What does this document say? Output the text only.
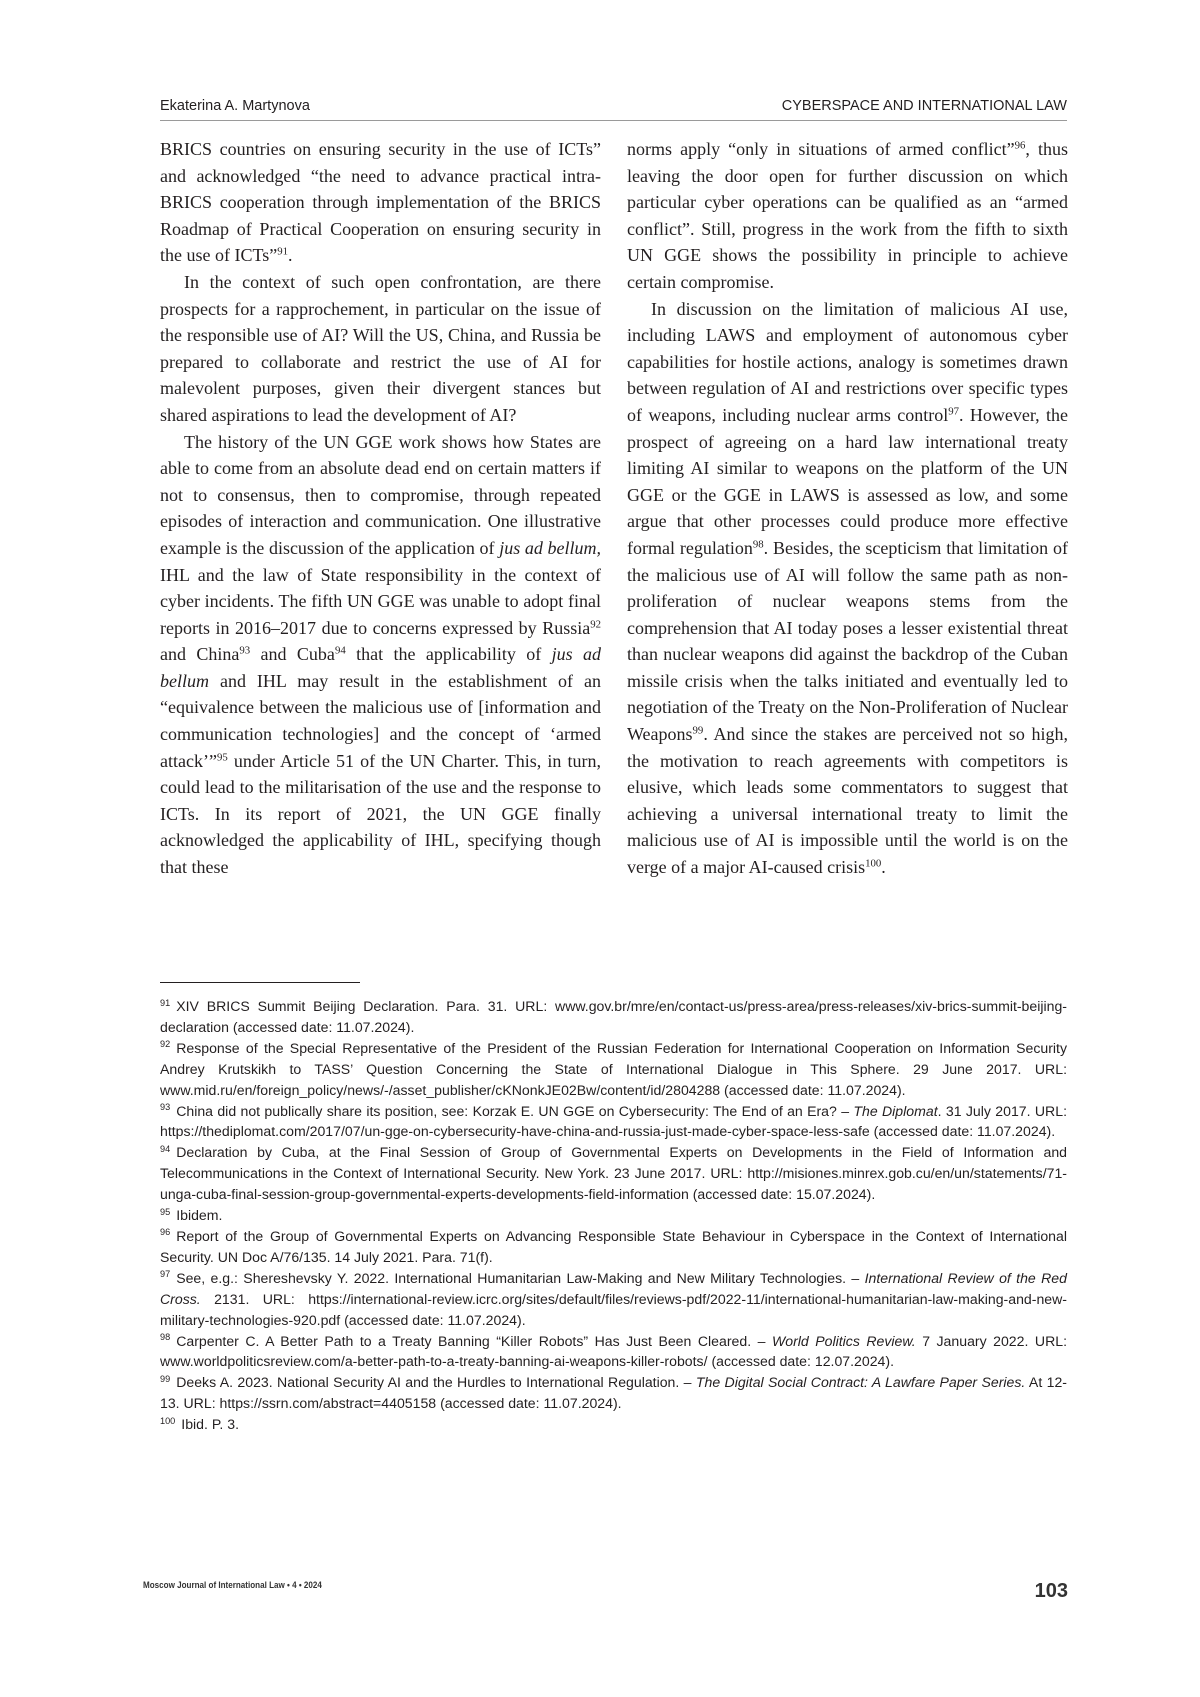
Ekaterina A. Martynova	CYBERSPACE AND INTERNATIONAL LAW

BRICS countries on ensuring security in the use of ICTs” and acknowledged “the need to advance practical intra-BRICS cooperation through implementation of the BRICS Roadmap of Practical Cooperation on ensuring security in the use of ICTs”91.

In the context of such open confrontation, are there prospects for a rapprochement, in particular on the issue of the responsible use of AI? Will the US, China, and Russia be prepared to collaborate and restrict the use of AI for malevolent purposes, given their divergent stances but shared aspirations to lead the development of AI?

The history of the UN GGE work shows how States are able to come from an absolute dead end on certain matters if not to consensus, then to compromise, through repeated episodes of interaction and communication. One illustrative example is the discussion of the application of jus ad bellum, IHL and the law of State responsibility in the context of cyber incidents. The fifth UN GGE was unable to adopt final reports in 2016–2017 due to concerns expressed by Russia92 and China93 and Cuba94 that the applicability of jus ad bellum and IHL may result in the establishment of an “equivalence between the malicious use of [information and communication technologies] and the concept of ‘armed attack’”95 under Article 51 of the UN Charter. This, in turn, could lead to the militarisation of the use and the response to ICTs. In its report of 2021, the UN GGE finally acknowledged the applicability of IHL, specifying though that these

norms apply “only in situations of armed conflict”96, thus leaving the door open for further discussion on which particular cyber operations can be qualified as an “armed conflict”. Still, progress in the work from the fifth to sixth UN GGE shows the possibility in principle to achieve certain compromise.

In discussion on the limitation of malicious AI use, including LAWS and employment of autonomous cyber capabilities for hostile actions, analogy is sometimes drawn between regulation of AI and restrictions over specific types of weapons, including nuclear arms control97. However, the prospect of agreeing on a hard law international treaty limiting AI similar to weapons on the platform of the UN GGE or the GGE in LAWS is assessed as low, and some argue that other processes could produce more effective formal regulation98. Besides, the scepticism that limitation of the malicious use of AI will follow the same path as non-proliferation of nuclear weapons stems from the comprehension that AI today poses a lesser existential threat than nuclear weapons did against the backdrop of the Cuban missile crisis when the talks initiated and eventually led to negotiation of the Treaty on the Non-Proliferation of Nuclear Weapons99. And since the stakes are perceived not so high, the motivation to reach agreements with competitors is elusive, which leads some commentators to suggest that achieving a universal international treaty to limit the malicious use of AI is impossible until the world is on the verge of a major AI-caused crisis100.

91 XIV BRICS Summit Beijing Declaration. Para. 31. URL: www.gov.br/mre/en/contact-us/press-area/press-releases/xiv-brics-summit-beijing-declaration (accessed date: 11.07.2024).

92 Response of the Special Representative of the President of the Russian Federation for International Cooperation on Information Security Andrey Krutskikh to TASS’ Question Concerning the State of International Dialogue in This Sphere. 29 June 2017. URL: www.mid.ru/en/foreign_policy/news/-/asset_publisher/cKNonkJE02Bw/content/id/2804288 (accessed date: 11.07.2024).

93 China did not publically share its position, see: Korzak E. UN GGE on Cybersecurity: The End of an Era? – The Diplomat. 31 July 2017. URL: https://thediplomat.com/2017/07/un-gge-on-cybersecurity-have-china-and-russia-just-made-cyber-space-less-safe (accessed date: 11.07.2024).

94 Declaration by Cuba, at the Final Session of Group of Governmental Experts on Developments in the Field of Information and Telecommunications in the Context of International Security. New York. 23 June 2017. URL: http://misiones.minrex.gob.cu/en/un/statements/71-unga-cuba-final-session-group-governmental-experts-developments-field-information (accessed date: 15.07.2024).

95 Ibidem.

96 Report of the Group of Governmental Experts on Advancing Responsible State Behaviour in Cyberspace in the Context of International Security. UN Doc A/76/135. 14 July 2021. Para. 71(f).

97 See, e.g.: Shereshevsky Y. 2022. International Humanitarian Law-Making and New Military Technologies. – International Review of the Red Cross. 2131. URL: https://international-review.icrc.org/sites/default/files/reviews-pdf/2022-11/international-humanitarian-law-making-and-new-military-technologies-920.pdf (accessed date: 11.07.2024).

98 Carpenter C. A Better Path to a Treaty Banning “Killer Robots” Has Just Been Cleared. – World Politics Review. 7 January 2022. URL: www.worldpoliticsreview.com/a-better-path-to-a-treaty-banning-ai-weapons-killer-robots/ (accessed date: 12.07.2024).

99 Deeks A. 2023. National Security AI and the Hurdles to International Regulation. – The Digital Social Contract: A Lawfare Paper Series. At 12-13. URL: https://ssrn.com/abstract=4405158 (accessed date: 11.07.2024).

100 Ibid. P. 3.

Moscow Journal of International Law • 4 • 2024	103
